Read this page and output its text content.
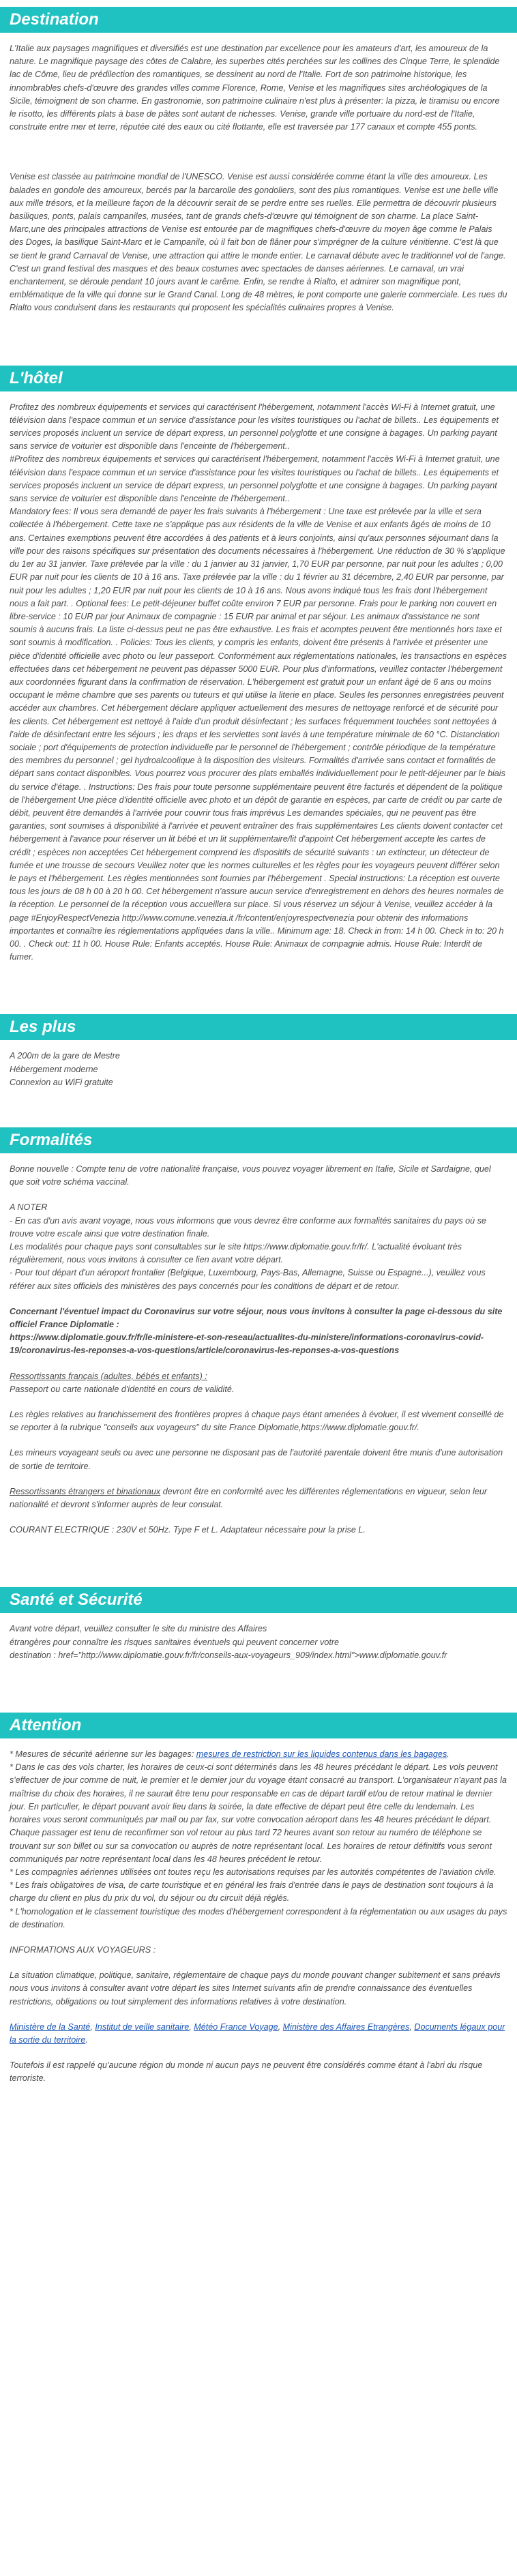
Destination

L'Italie aux paysages magnifiques et diversifiés est une destination par excellence pour les amateurs d'art, les amoureux de la nature. Le magnifique paysage des côtes de Calabre, les superbes cités perchées sur les collines des Cinque Terre, le splendide lac de Côme, lieu de prédilection des romantiques, se dessinent au nord de l'Italie. Fort de son patrimoine historique, les innombrables chefs-d'œuvre des grandes villes comme Florence, Rome, Venise et les magnifiques sites archéologiques de la Sicile, témoignent de son charme. En gastronomie, son patrimoine culinaire n'est plus à présenter: la pizza, le tiramisu ou encore le risotto, les différents plats à base de pâtes sont autant de richesses. Venise, grande ville portuaire du nord-est de l'Italie, construite entre mer et terre, réputée cité des eaux ou cité flottante, elle est traversée par 177 canaux et compte 455 ponts.

Venise est classée au patrimoine mondial de l'UNESCO. Venise est aussi considérée comme étant la ville des amoureux. Les balades en gondole des amoureux, bercés par la barcarolle des gondoliers, sont des plus romantiques. Venise est une belle ville aux mille trésors, et la meilleure façon de la découvrir serait de se perdre entre ses ruelles. Elle permettra de découvrir plusieurs basiliques, ponts, palais campaniles, musées, tant de grands chefs-d'œuvre qui témoignent de son charme. La place Saint-Marc,une des principales attractions de Venise est entourée par de magnifiques chefs-d'œuvre du moyen âge comme le Palais des Doges, la basilique Saint-Marc et le Campanile, où il fait bon de flâner pour s'imprégner de la culture vénitienne. C'est là que se tient le grand Carnaval de Venise, une attraction qui attire le monde entier. Le carnaval débute avec le traditionnel vol de l'ange. C'est un grand festival des masques et des beaux costumes avec spectacles de danses aériennes. Le carnaval, un vrai enchantement, se déroule pendant 10 jours avant le carême. Enfin, se rendre à Rialto, et admirer son magnifique pont, emblématique de la ville qui donne sur le Grand Canal. Long de 48 mètres, le pont comporte une galerie commerciale. Les rues du Rialto vous conduisent dans les restaurants qui proposent les spécialités culinaires propres à Venise.

L'hôtel

Profitez des nombreux équipements et services qui caractérisent l'hébergement, notamment l'accès Wi-Fi à Internet gratuit, une télévision dans l'espace commun et un service d'assistance pour les visites touristiques ou l'achat de billets.. Les équipements et services proposés incluent un service de départ express, un personnel polyglotte et une consigne à bagages. Un parking payant sans service de voiturier est disponible dans l'enceinte de l'hébergement..
#Profitez des nombreux équipements et services qui caractérisent l'hébergement, notamment l'accès Wi-Fi à Internet gratuit, une télévision dans l'espace commun et un service d'assistance pour les visites touristiques ou l'achat de billets.. Les équipements et services proposés incluent un service de départ express, un personnel polyglotte et une consigne à bagages. Un parking payant sans service de voiturier est disponible dans l'enceinte de l'hébergement..
Mandatory fees: Il vous sera demandé de payer les frais suivants à l'hébergement : Une taxe est prélevée par la ville et sera collectée à l'hébergement. Cette taxe ne s'applique pas aux résidents de la ville de Venise et aux enfants âgés de moins de 10 ans. Certaines exemptions peuvent être accordées à des patients et à leurs conjoints, ainsi qu'aux personnes séjournant dans la ville pour des raisons spécifiques sur présentation des documents nécessaires à l'hébergement. Une réduction de 30 % s'applique du 1er au 31 janvier. Taxe prélevée par la ville : du 1 janvier au 31 janvier, 1,70 EUR par personne, par nuit pour les adultes ; 0,00 EUR par nuit pour les clients de 10 à 16 ans. Taxe prélevée par la ville : du 1 février au 31 décembre, 2,40 EUR par personne, par nuit pour les adultes ; 1,20 EUR par nuit pour les clients de 10 à 16 ans. Nous avons indiqué tous les frais dont l'hébergement nous a fait part. . Optional fees: Le petit-déjeuner buffet coûte environ 7 EUR par personne. Frais pour le parking non couvert en libre-service : 10 EUR par jour Animaux de compagnie : 15 EUR par animal et par séjour. Les animaux d'assistance ne sont soumis à aucuns frais. La liste ci-dessus peut ne pas être exhaustive. Les frais et acomptes peuvent être mentionnés hors taxe et sont soumis à modification. . Policies: Tous les clients, y compris les enfants, doivent être présents à l'arrivée et présenter une pièce d'identité officielle avec photo ou leur passeport. Conformément aux réglementations nationales, les transactions en espèces effectuées dans cet hébergement ne peuvent pas dépasser 5000 EUR. Pour plus d'informations, veuillez contacter l'hébergement aux coordonnées figurant dans la confirmation de réservation. L'hébergement est gratuit pour un enfant âgé de 6 ans ou moins occupant le même chambre que ses parents ou tuteurs et qui utilise la literie en place. Seules les personnes enregistrées peuvent accéder aux chambres. Cet hébergement déclare appliquer actuellement des mesures de nettoyage renforcé et de sécurité pour les clients. Cet hébergement est nettoyé à l'aide d'un produit désinfectant ; les surfaces fréquemment touchées sont nettoyées à l'aide de désinfectant entre les séjours ; les draps et les serviettes sont lavés à une température minimale de 60 °C. Distanciation sociale ; port d'équipements de protection individuelle par le personnel de l'hébergement ; contrôle périodique de la température des membres du personnel ; gel hydroalcoolique à la disposition des visiteurs. Formalités d'arrivée sans contact et formalités de départ sans contact disponibles. Vous pourrez vous procurer des plats emballés individuellement pour le petit-déjeuner par le biais du service d'étage. . Instructions: Des frais pour toute personne supplémentaire peuvent être facturés et dépendent de la politique de l'hébergement Une pièce d'identité officielle avec photo et un dépôt de garantie en espèces, par carte de crédit ou par carte de débit, peuvent être demandés à l'arrivée pour couvrir tous frais imprévus Les demandes spéciales, qui ne peuvent pas être garanties, sont soumises à disponibilité à l'arrivée et peuvent entraîner des frais supplémentaires Les clients doivent contacter cet hébergement à l'avance pour réserver un lit bébé et un lit supplémentaire/lit d'appoint Cet hébergement accepte les cartes de crédit ; espèces non acceptées Cet hébergement comprend les dispositifs de sécurité suivants : un extincteur, un détecteur de fumée et une trousse de secours Veuillez noter que les normes culturelles et les règles pour les voyageurs peuvent différer selon le pays et l'hébergement. Les règles mentionnées sont fournies par l'hébergement . Special instructions: La réception est ouverte tous les jours de 08 h 00 à 20 h 00. Cet hébergement n'assure aucun service d'enregistrement en dehors des heures normales de la réception. Le personnel de la réception vous accueillera sur place. Si vous réservez un séjour à Venise, veuillez accéder à la page #EnjoyRespectVenezia http://www.comune.venezia.it /fr/content/enjoyrespectvenezia pour obtenir des informations importantes et connaître les réglementations appliquées dans la ville.. Minimum age: 18. Check in from: 14 h 00. Check in to: 20 h 00. . Check out: 11 h 00. House Rule: Enfants acceptés. House Rule: Animaux de compagnie admis. House Rule: Interdit de fumer.

Les plus
A 200m de la gare de Mestre
Hébergement moderne
Connexion au WiFi gratuite
Formalités

Bonne nouvelle : Compte tenu de votre nationalité française, vous pouvez voyager librement en Italie, Sicile et Sardaigne, quel que soit votre schéma vaccinal.

A NOTER

- En cas d'un avis avant voyage, nous vous informons que vous devrez être conforme aux formalités sanitaires du pays où se trouve votre escale ainsi que votre destination finale.
Les modalités pour chaque pays sont consultables sur le site https://www.diplomatie.gouv.fr/fr/. L'actualité évoluant très régulièrement, nous vous invitons à consulter ce lien avant votre départ.
- Pour tout départ d'un aéroport frontalier (Belgique, Luxembourg, Pays-Bas, Allemagne, Suisse ou Espagne...), veuillez vous référer aux sites officiels des ministères des pays concernés pour les conditions de départ et de retour.

Concernant l'éventuel impact du Coronavirus sur votre séjour, nous vous invitons à consulter la page ci-dessous du site officiel France Diplomatie :
https://www.diplomatie.gouv.fr/fr/le-ministere-et-son-reseau/actualites-du-ministere/informations-coronavirus-covid-19/coronavirus-les-reponses-a-vos-questions/article/coronavirus-les-reponses-a-vos-questions

Ressortissants français (adultes, bébés et enfants) :

Passeport ou carte nationale d'identité en cours de validité.

Les règles relatives au franchissement des frontières propres à chaque pays étant amenées à évoluer, il est vivement conseillé de se reporter à la rubrique "conseils aux voyageurs" du site France Diplomatie,https://www.diplomatie.gouv.fr/.

Les mineurs voyageant seuls ou avec une personne ne disposant pas de l'autorité parentale doivent être munis d'une autorisation de sortie de territoire.

Ressortissants étrangers et binationaux devront être en conformité avec les différentes réglementations en vigueur, selon leur nationalité et devront s'informer auprès de leur consulat.

COURANT ELECTRIQUE : 230V et 50Hz. Type F et L. Adaptateur nécessaire pour la prise L.

Santé et Sécurité

Avant votre départ, veuillez consulter le site du ministre des Affaires
étrangères pour connaître les risques sanitaires éventuels qui peuvent concerner votre
destination : href="http://www.diplomatie.gouv.fr/fr/conseils-aux-voyageurs_909/index.html">www.diplomatie.gouv.fr

Attention
* Mesures de sécurité aérienne sur les bagages: mesures de restriction sur les liquides contenus dans les bagages.

* Dans le cas des vols charter, les horaires de ceux-ci sont déterminés dans les 48 heures précédant le départ. Les vols peuvent s'effectuer de jour comme de nuit, le premier et le dernier jour du voyage étant consacré au transport. L'organisateur n'ayant pas la maîtrise du choix des horaires, il ne saurait être tenu pour responsable en cas de départ tardif et/ou de retour matinal le dernier jour. En particulier, le départ pouvant avoir lieu dans la soirée, la date effective de départ peut être celle du lendemain. Les horaires vous seront communiqués par mail ou par fax, sur votre convocation aéroport dans les 48 heures précédant le départ. Chaque passager est tenu de reconfirmer son vol retour au plus tard 72 heures avant son retour au numéro de téléphone se trouvant sur son billet ou sur sa convocation ou auprès de notre représentant local. Les horaires de retour définitifs vous seront communiqués par notre représentant local dans les 48 heures précédent le retour.
* Les compagnies aériennes utilisées ont toutes reçu les autorisations requises par les autorités compétentes de l'aviation civile.
* Les frais obligatoires de visa, de carte touristique et en général les frais d'entrée dans le pays de destination sont toujours à la charge du client en plus du prix du vol, du séjour ou du circuit déjà réglés.
* L'homologation et le classement touristique des modes d'hébergement correspondent à la réglementation ou aux usages du pays de destination.

INFORMATIONS AUX VOYAGEURS :

La situation climatique, politique, sanitaire, réglementaire de chaque pays du monde pouvant changer subitement et sans préavis nous vous invitons à consulter avant votre départ les sites Internet suivants afin de prendre connaissance des éventuelles restrictions, obligations ou tout simplement des informations relatives à votre destination.

Ministère de la Santé, Institut de veille sanitaire, Météo France Voyage, Ministère des Affaires Etrangères, Documents légaux pour la sortie du territoire.

Toutefois il est rappelé qu'aucune région du monde ni aucun pays ne peuvent être considérés comme étant à l'abri du risque terroriste.
